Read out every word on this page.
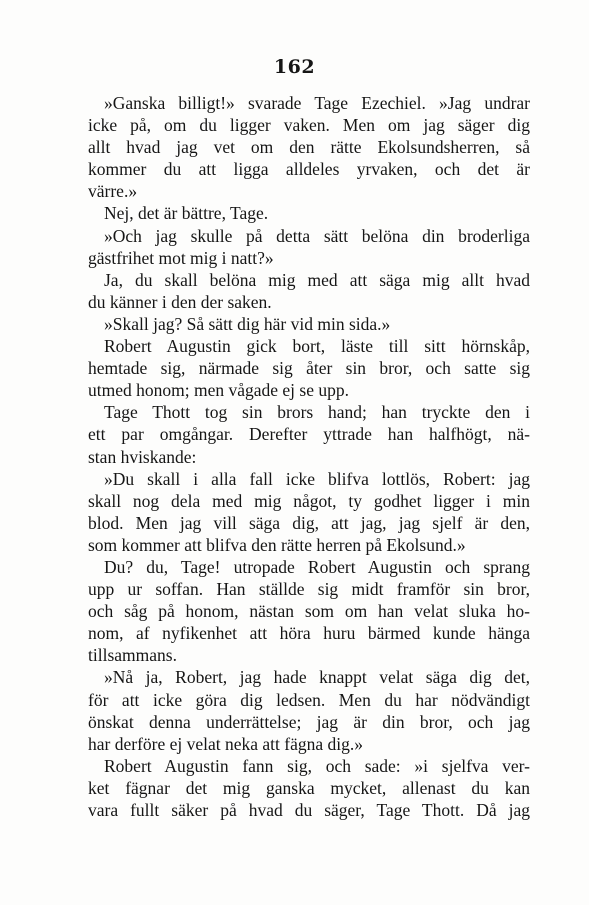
162
»Ganska billigt!» svarade Tage Ezechiel. »Jag undrar
icke på, om du ligger vaken. Men om jag säger dig
allt hvad jag vet om den rätte Ekolsundsherren, så
kommer du att ligga alldeles yrvaken, och det är
värre.»
Nej, det är bättre, Tage.
»Och jag skulle på detta sätt belöna din broderliga
gästfrihet mot mig i natt?»
Ja, du skall belöna mig med att säga mig allt hvad
du känner i den der saken.
»Skall jag? Så sätt dig här vid min sida.»
Robert Augustin gick bort, läste till sitt hörnskåp,
hemtade sig, närmade sig åter sin bror, och satte sig
utmed honom; men vågade ej se upp.
Tage Thott tog sin brors hand; han tryckte den i
ett par omgångar. Derefter yttrade han halfhögt, nä-
stan hviskande:
»Du skall i alla fall icke blifva lottlös, Robert: jag
skall nog dela med mig något, ty godhet ligger i min
blod. Men jag vill säga dig, att jag, jag sjelf är den,
som kommer att blifva den rätte herren på Ekolsund.»
Du? du, Tage! utropade Robert Augustin och sprang
upp ur soffan. Han ställde sig midt framför sin bror,
och såg på honom, nästan som om han velat sluka ho-
nom, af nyfikenhet att höra huru bärmed kunde hänga
tillsammans.
»Nå ja, Robert, jag hade knappt velat säga dig det,
för att icke göra dig ledsen. Men du har nödvändigt
önskat denna underrättelse; jag är din bror, och jag
har derföre ej velat neka att fägna dig.»
Robert Augustin fann sig, och sade: »i sjelfva ver-
ket fägnar det mig ganska mycket, allenast du kan
vara fullt säker på hvad du säger, Tage Thott. Då jag
